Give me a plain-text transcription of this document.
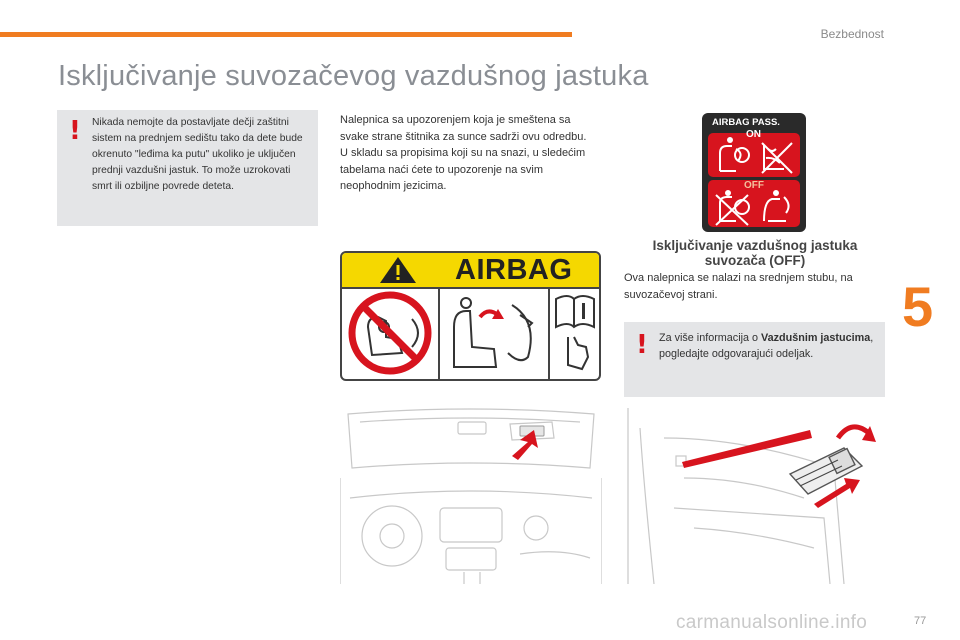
Bezbednost
Isključivanje suvozačevog vazdušnog jastuka
5
! Nikada nemojte da postavljate dečji zaštitni sistem na prednjem sedištu tako da dete bude okrenuto "leđima ka putu" ukoliko je uključen prednji vazdušni jastuk. To može uzrokovati smrt ili ozbiljne povrede deteta.
Nalepnica sa upozorenjem koja je smeštena sa svake strane štitnika za sunce sadrži ovu odredbu.
U skladu sa propisima koji su na snazi, u sledećim tabelama naći ćete to upozorenje na svim neophodnim jezicima.
AIRBAG PASS.
ON
OFF
Isključivanje vazdušnog jastuka suvozača (OFF)
Ova nalepnica se nalazi na srednjem stubu, na suvozačevoj strani.
! Za više informacija o Vazdušnim jastucima, pogledajte odgovarajući odeljak.
AIRBAG
77
carmanualsonline.info
